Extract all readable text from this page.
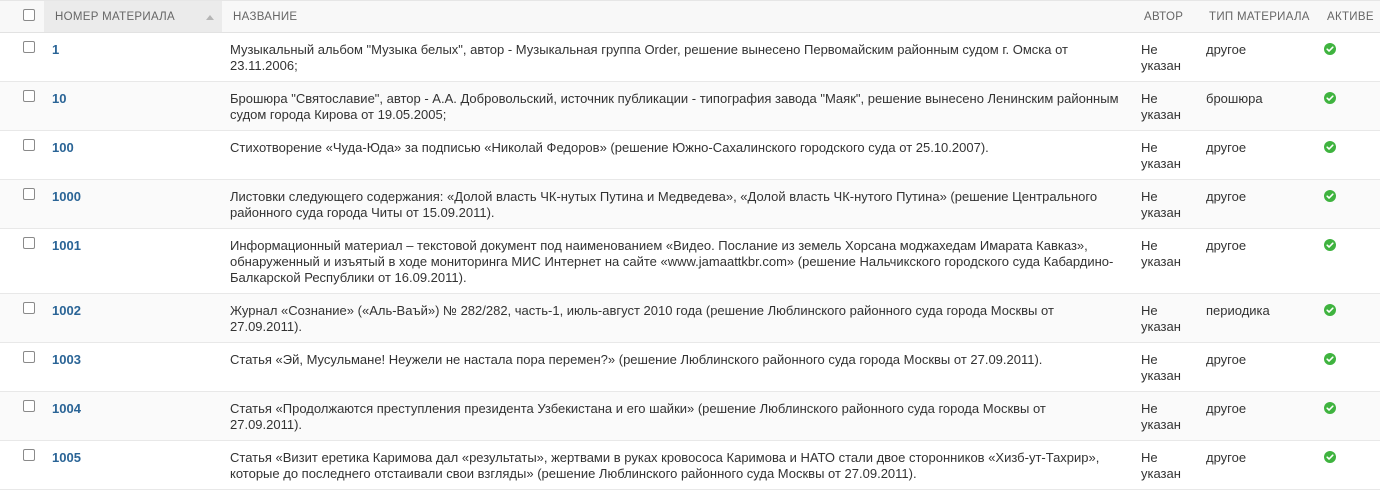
	НОМЕР МАТЕРИАЛА	НАЗВАНИЕ	АВТОР	ТИП МАТЕРИАЛА	АКТИВЕ
	1	Музыкальный альбом "Музыка белых", автор - Музыкальная группа Order, решение вынесено Первомайским районным судом г. Омска от 23.11.2006;	Не указан	другое	

	10	Брошюра "Святославие", автор - А.А. Добровольский, источник публикации - типография завода "Маяк", решение вынесено Ленинским районным судом города Кирова от 19.05.2005;	Не указан	брошюра	

	100	Стихотворение «Чуда-Юда» за подписью «Николай Федоров» (решение Южно-Сахалинского городского суда от 25.10.2007).	Не указан	другое	

	1000	Листовки следующего содержания: «Долой власть ЧК-нутых Путина и Медведева», «Долой власть ЧК-нутого Путина» (решение Центрального районного суда города Читы от 15.09.2011).	Не указан	другое	

	1001	Информационный материал – текстовой документ под наименованием «Видео. Послание из земель Хорсана моджахедам Имарата Кавказ», обнаруженный и изъятый в ходе мониторинга МИС Интернет на сайте «www.jamaattkbr.com» (решение Нальчикского городского суда Кабардино-Балкарской Республики от 16.09.2011).	Не указан	другое	

	1002	Журнал «Сознание» («Аль-Ваъй») № 282/282, часть-1, июль-август 2010 года (решение Люблинского районного суда города Москвы от 27.09.2011).	Не указан	периодика	

	1003	Статья «Эй, Мусульмане! Неужели не настала пора перемен?» (решение Люблинского районного суда города Москвы от 27.09.2011).	Не указан	другое	

	1004	Статья «Продолжаются преступления президента Узбекистана и его шайки» (решение Люблинского районного суда города Москвы от 27.09.2011).	Не указан	другое	

	1005	Статья «Визит еретика Каримова дал «результаты», жертвами в руках кровососа Каримова и НАТО стали двое сторонников «Хизб-ут-Тахрир», которые до последнего отстаивали свои взгляды» (решение Люблинского районного суда Москвы от 27.09.2011).	Не указан	другое	
